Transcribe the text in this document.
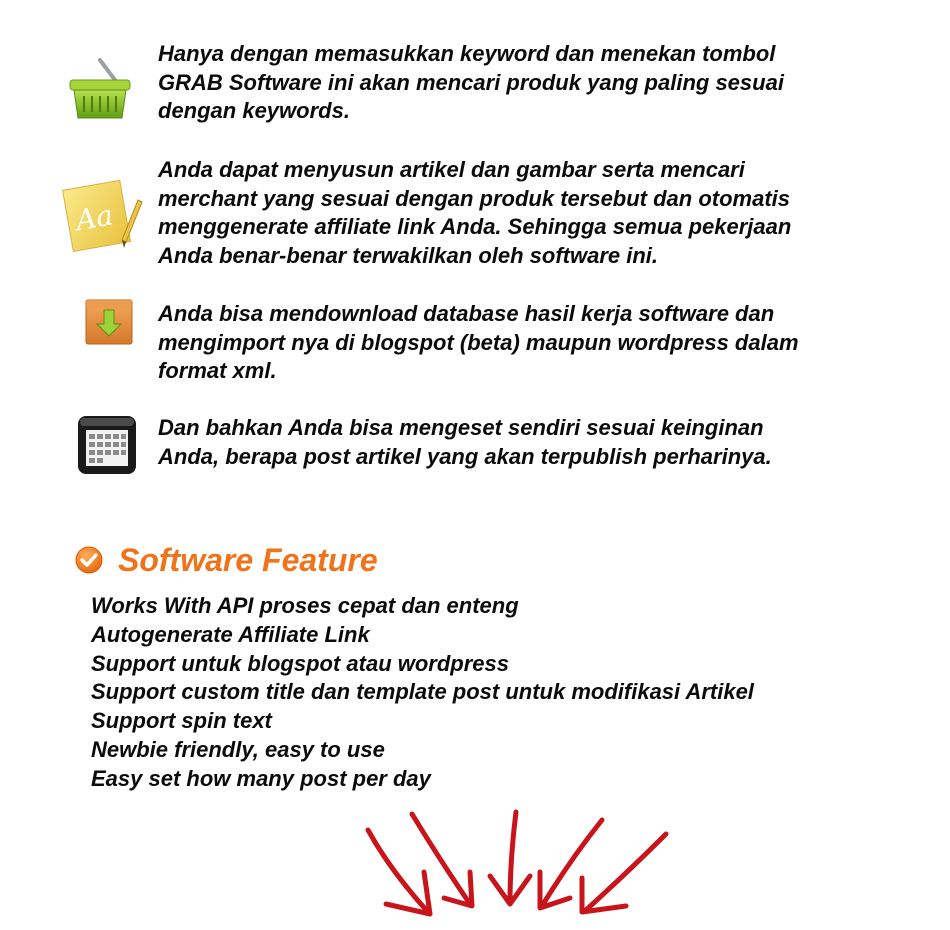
Hanya dengan memasukkan keyword dan menekan tombol
GRAB Software ini akan mencari produk yang paling sesuai
dengan keywords.

Aa

Anda dapat menyusun artikel dan gambar serta mencari
merchant yang sesuai dengan produk tersebut dan otomatis
menggenerate affiliate link Anda. Sehingga semua pekerjaan
Anda benar-benar terwakilkan oleh software ini.

Anda bisa mendownload database hasil kerja software dan
mengimport nya di blogspot (beta) maupun wordpress dalam
format xml.

Dan bahkan Anda bisa mengeset sendiri sesuai keinginan
Anda, berapa post artikel yang akan terpublish perharinya.

Software Feature
Works With API proses cepat dan enteng
Autogenerate Affiliate Link
Support untuk blogspot atau wordpress
Support custom title dan template post untuk modifikasi Artikel
Support spin text
Newbie friendly, easy to use
Easy set how many post per day
